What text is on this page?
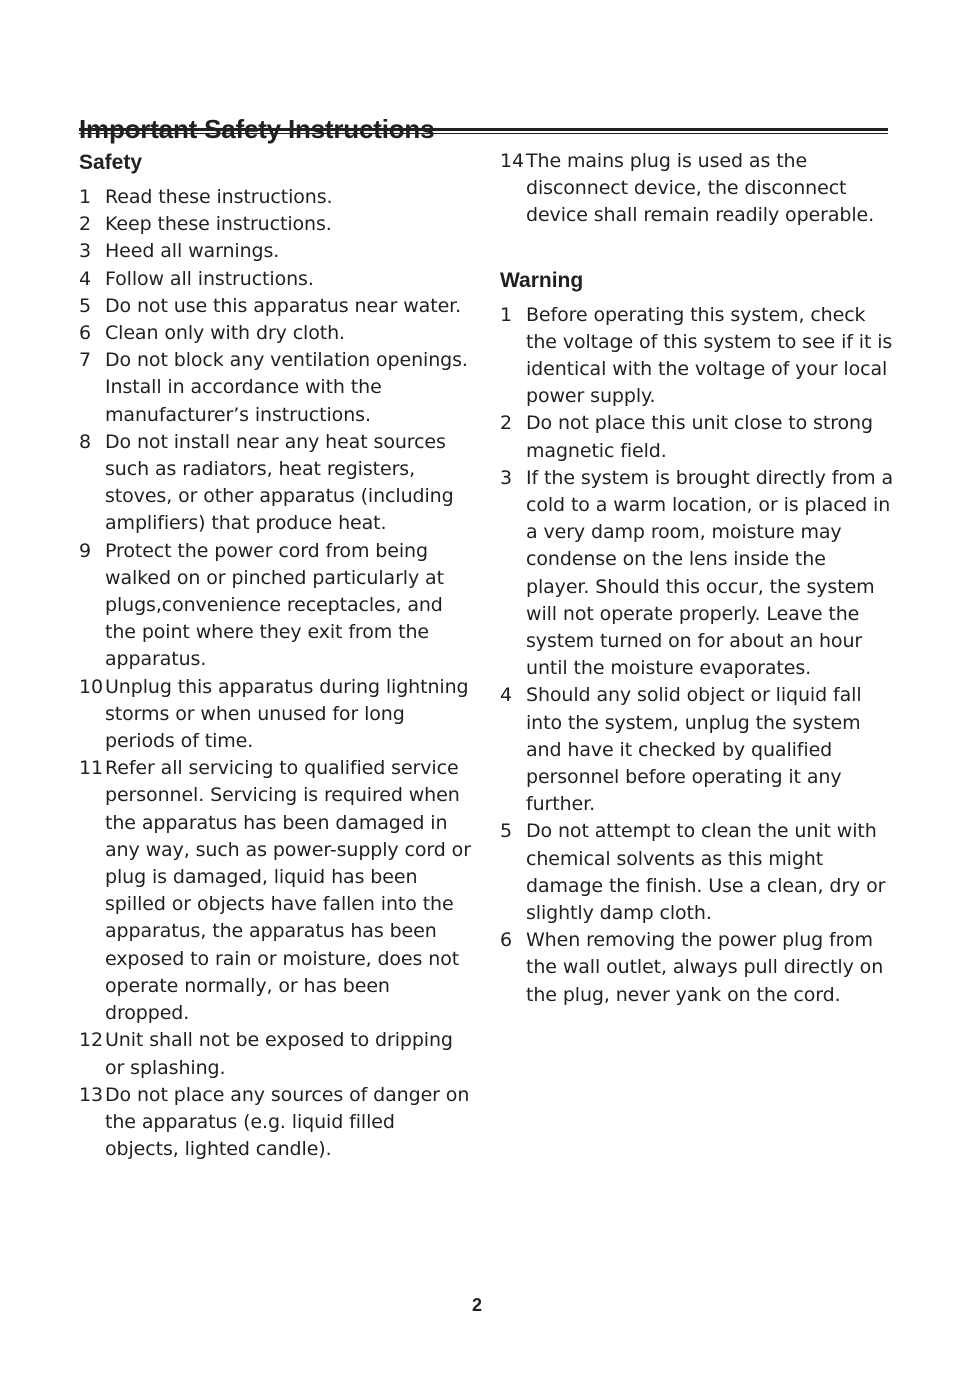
Safety
1 Read these instructions.
2 Keep these instructions.
3 Heed all warnings.
4 Follow all instructions.
5 Do not use this apparatus near water.
6 Clean only with dry cloth.
7 Do not block any ventilation openings. Install in accordance with the manufacturer’s instructions.
8 Do not install near any heat sources such as radiators, heat registers, stoves, or other apparatus (including amplifiers) that produce heat.
9 Protect the power cord from being walked on or pinched particularly at plugs,convenience receptacles, and the point where they exit from the apparatus.
10 Unplug this apparatus during lightning storms or when unused for long periods of time.
11 Refer all servicing to qualified service personnel. Servicing is required when the apparatus has been damaged in any way, such as power-supply cord or plug is damaged, liquid has been spilled or objects have fallen into the apparatus, the apparatus has been exposed to rain or moisture, does not operate normally, or has been dropped.
12 Unit shall not be exposed to dripping or splashing.
13 Do not place any sources of danger on the apparatus (e.g. liquid filled objects, lighted candle).
14 The mains plug is used as the disconnect device, the disconnect device shall remain readily operable.
Warning
1 Before operating this system, check the voltage of this system to see if it is identical with the voltage of your local power supply.
2 Do not place this unit close to strong magnetic field.
3 If the system is brought directly from a cold to a warm location, or is placed in a very damp room, moisture may condense on the lens inside the player. Should this occur, the system will not operate properly. Leave the system turned on for about an hour until the moisture evaporates.
4 Should any solid object or liquid fall into the system, unplug the system and have it checked by qualified personnel before operating it any further.
5 Do not attempt to clean the unit with chemical solvents as this might damage the finish. Use a clean, dry or slightly damp cloth.
6 When removing the power plug from the wall outlet, always pull directly on the plug, never yank on the cord.
2
